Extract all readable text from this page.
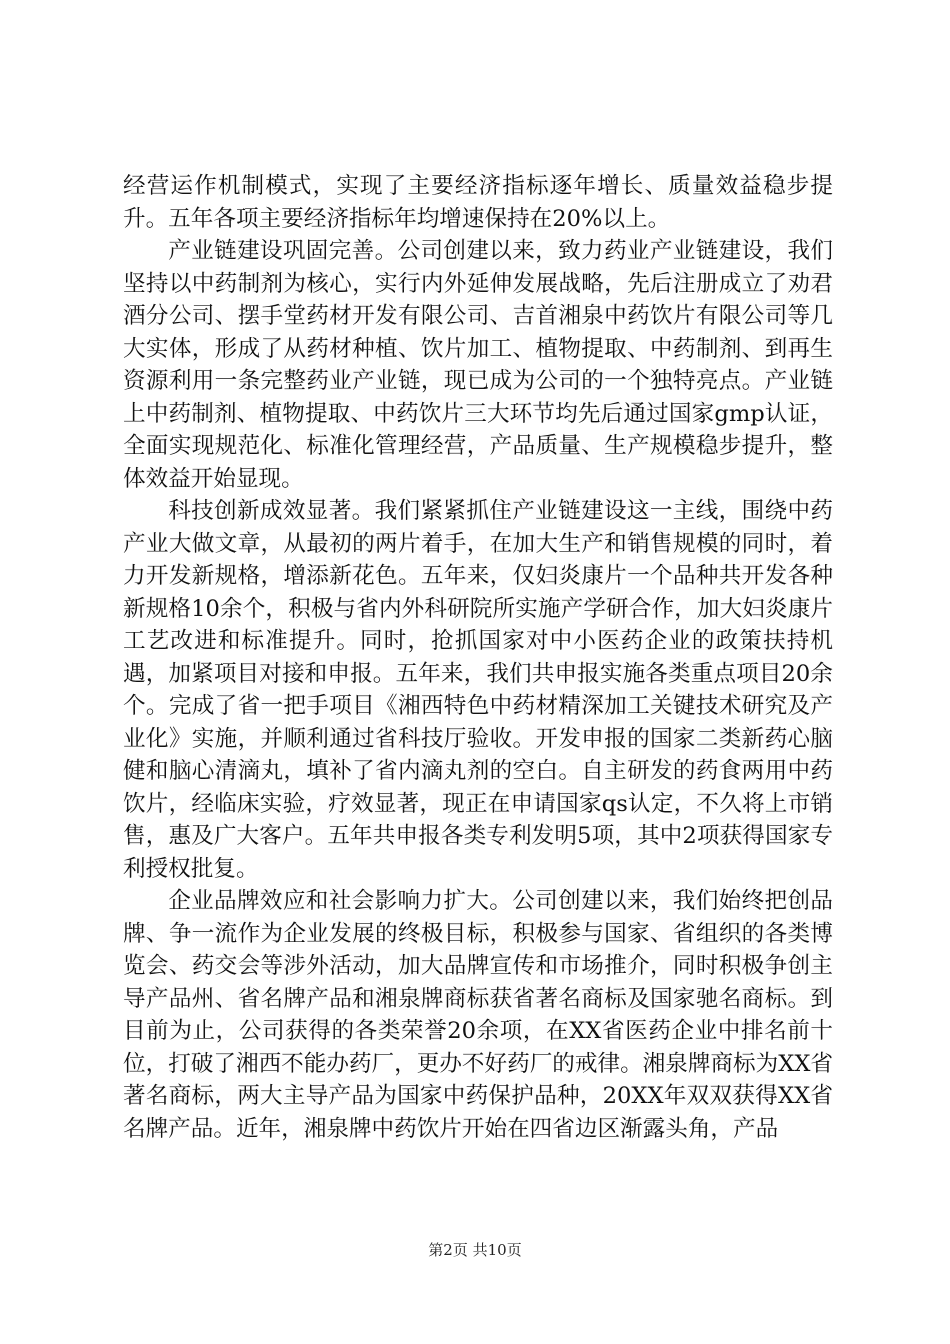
经营运作机制模式，实现了主要经济指标逐年增长、质量效益稳步提升。五年各项主要经济指标年均增速保持在20%以上。

产业链建设巩固完善。公司创建以来，致力药业产业链建设，我们坚持以中药制剂为核心，实行内外延伸发展战略，先后注册成立了劝君酒分公司、摆手堂药材开发有限公司、吉首湘泉中药饮片有限公司等几大实体，形成了从药材种植、饮片加工、植物提取、中药制剂、到再生资源利用一条完整药业产业链，现已成为公司的一个独特亮点。产业链上中药制剂、植物提取、中药饮片三大环节均先后通过国家gmp认证，全面实现规范化、标准化管理经营，产品质量、生产规模稳步提升，整体效益开始显现。

科技创新成效显著。我们紧紧抓住产业链建设这一主线，围绕中药产业大做文章，从最初的两片着手，在加大生产和销售规模的同时，着力开发新规格，增添新花色。五年来，仅妇炎康片一个品种共开发各种新规格10余个，积极与省内外科研院所实施产学研合作，加大妇炎康片工艺改进和标准提升。同时，抢抓国家对中小医药企业的政策扶持机遇，加紧项目对接和申报。五年来，我们共申报实施各类重点项目20余个。完成了省一把手项目《湘西特色中药材精深加工关键技术研究及产业化》实施，并顺利通过省科技厅验收。开发申报的国家二类新药心脑健和脑心清滴丸，填补了省内滴丸剂的空白。自主研发的药食两用中药饮片，经临床实验，疗效显著，现正在申请国家qs认定，不久将上市销售，惠及广大客户。五年共申报各类专利发明5项，其中2项获得国家专利授权批复。

企业品牌效应和社会影响力扩大。公司创建以来，我们始终把创品牌、争一流作为企业发展的终极目标，积极参与国家、省组织的各类博览会、药交会等涉外活动，加大品牌宣传和市场推介，同时积极争创主导产品州、省名牌产品和湘泉牌商标获省著名商标及国家驰名商标。到目前为止，公司获得的各类荣誉20余项，在XX省医药企业中排名前十位，打破了湘西不能办药厂，更办不好药厂的戒律。湘泉牌商标为XX省著名商标，两大主导产品为国家中药保护品种，20XX年双双获得XX省名牌产品。近年，湘泉牌中药饮片开始在四省边区渐露头角，产品

第2页 共10页
